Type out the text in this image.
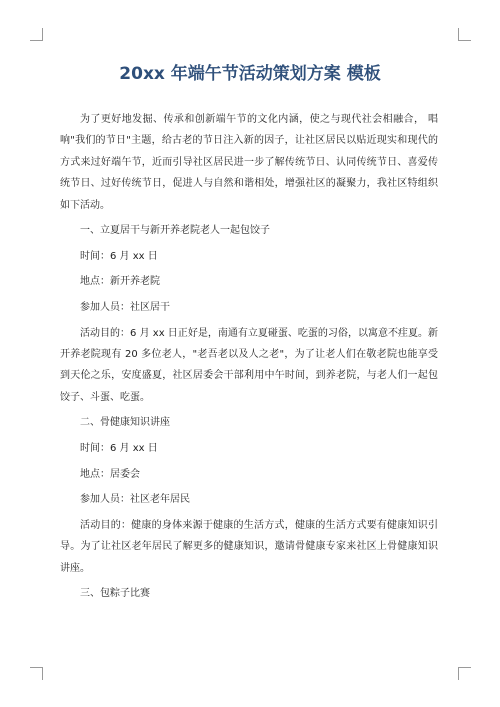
20xx 年端午节活动策划方案 模板

为了更好地发掘、传承和创新端午节的文化内涵，使之与现代社会相融合， 唱响"我们的节日"主题，给古老的节日注入新的因子，让社区居民以贴近现实和现代的方式来过好端午节，近而引导社区居民进一步了解传统节日、认同传统节日、喜爱传统节日、过好传统节日，促进人与自然和谐相处，增强社区的凝聚力，我社区特组织如下活动。

一、立夏居干与新开养老院老人一起包饺子

时间：6 月 xx 日

地点：新开养老院

参加人员：社区居干

活动目的：6 月 xx 日正好是，南通有立夏碰蛋、吃蛋的习俗，以寓意不疰夏。新开养老院现有 20 多位老人，"老吾老以及人之老"，为了让老人们在敬老院也能享受到天伦之乐，安度盛夏，社区居委会干部利用中午时间，到养老院，与老人们一起包饺子、斗蛋、吃蛋。

二、骨健康知识讲座

时间：6 月 xx 日

地点：居委会

参加人员：社区老年居民

活动目的：健康的身体来源于健康的生活方式，健康的生活方式要有健康知识引导。为了让社区老年居民了解更多的健康知识，邀请骨健康专家来社区上骨健康知识讲座。

三、包粽子比赛
